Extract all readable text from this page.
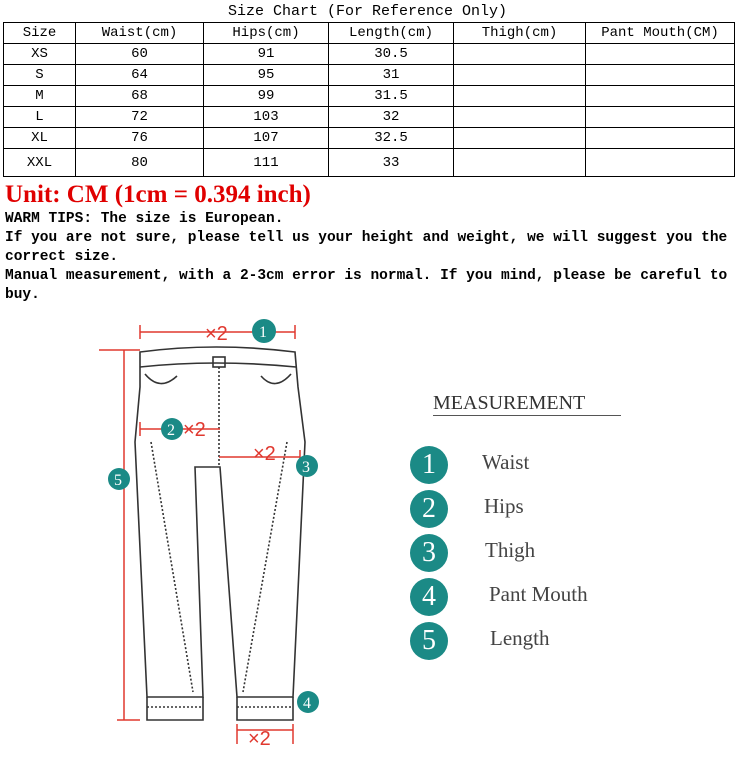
Size Chart (For Reference Only)
Size	Waist(cm)	Hips(cm)	Length(cm)	Thigh(cm)	Pant Mouth(CM)
XS	60	91	30.5		
S	64	95	31		
M	68	99	31.5		
L	72	103	32		
XL	76	107	32.5		
XXL	80	111	33		
Unit: CM (1cm = 0.394 inch)
WARM TIPS: The size is European.
If you are not sure, please tell us your height and weight, we will suggest you the correct size.
Manual measurement, with a 2-3cm error is normal. If you mind, please be careful to buy.
×2 1
2 ×2
×2
3
5
×2
4
MEASUREMENT
1	Waist
2	Hips
3	Thigh
4	Pant Mouth
5	Length
